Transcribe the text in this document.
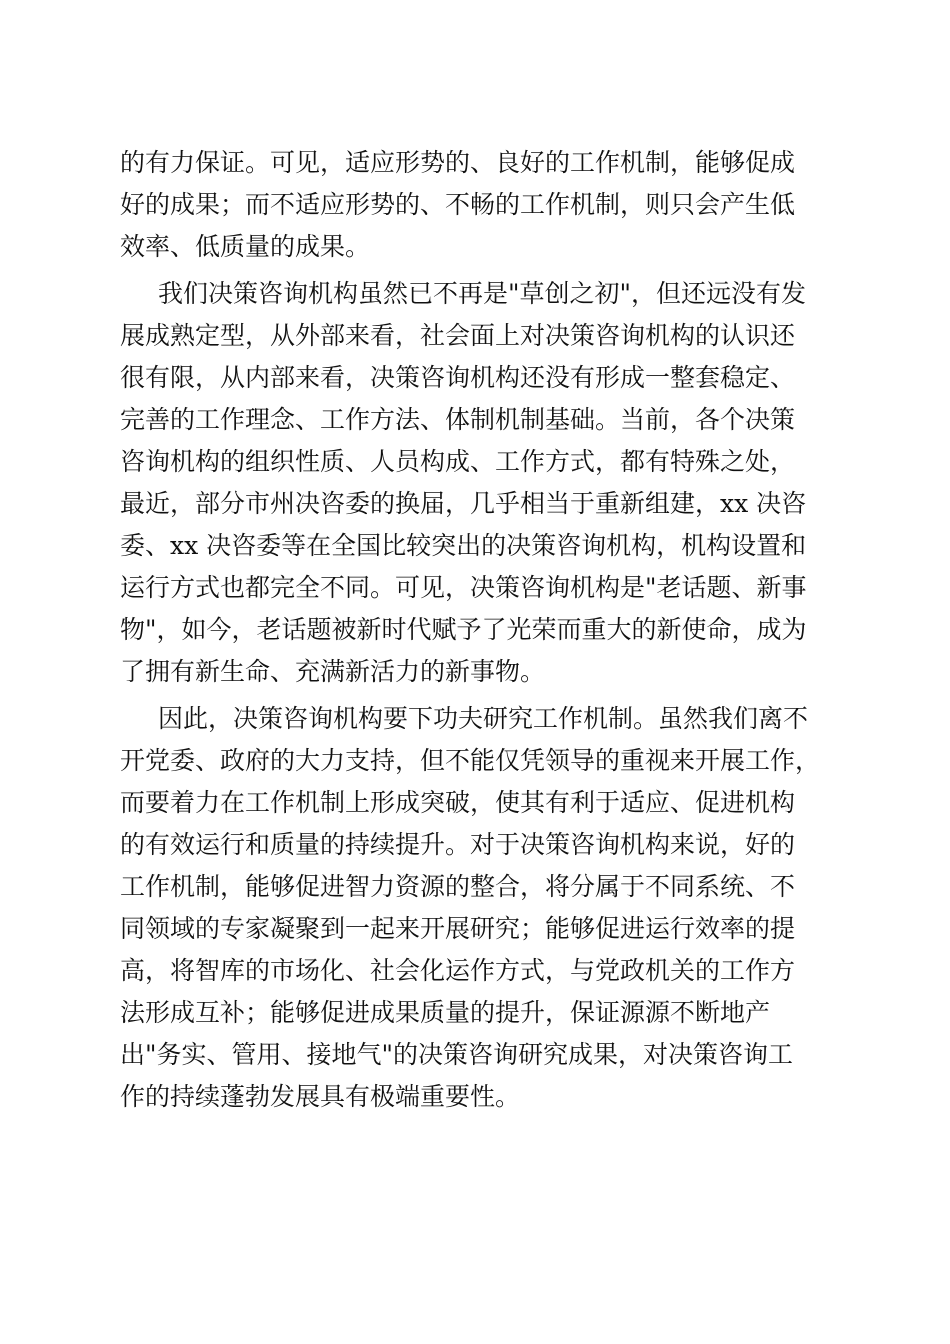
的有力保证。可见，适应形势的、良好的工作机制，能够促成
好的成果；而不适应形势的、不畅的工作机制，则只会产生低
效率、低质量的成果。
我们决策咨询机构虽然已不再是"草创之初"，但还远没有发
展成熟定型，从外部来看，社会面上对决策咨询机构的认识还
很有限，从内部来看，决策咨询机构还没有形成一整套稳定、
完善的工作理念、工作方法、体制机制基础。当前，各个决策
咨询机构的组织性质、人员构成、工作方式，都有特殊之处，
最近，部分市州决咨委的换届，几乎相当于重新组建，xx 决咨
委、xx 决咨委等在全国比较突出的决策咨询机构，机构设置和
运行方式也都完全不同。可见，决策咨询机构是"老话题、新事
物"，如今，老话题被新时代赋予了光荣而重大的新使命，成为
了拥有新生命、充满新活力的新事物。
因此，决策咨询机构要下功夫研究工作机制。虽然我们离不
开党委、政府的大力支持，但不能仅凭领导的重视来开展工作，
而要着力在工作机制上形成突破，使其有利于适应、促进机构
的有效运行和质量的持续提升。对于决策咨询机构来说，好的
工作机制，能够促进智力资源的整合，将分属于不同系统、不
同领域的专家凝聚到一起来开展研究；能够促进运行效率的提
高，将智库的市场化、社会化运作方式，与党政机关的工作方
法形成互补；能够促进成果质量的提升，保证源源不断地产
出"务实、管用、接地气"的决策咨询研究成果，对决策咨询工
作的持续蓬勃发展具有极端重要性。
